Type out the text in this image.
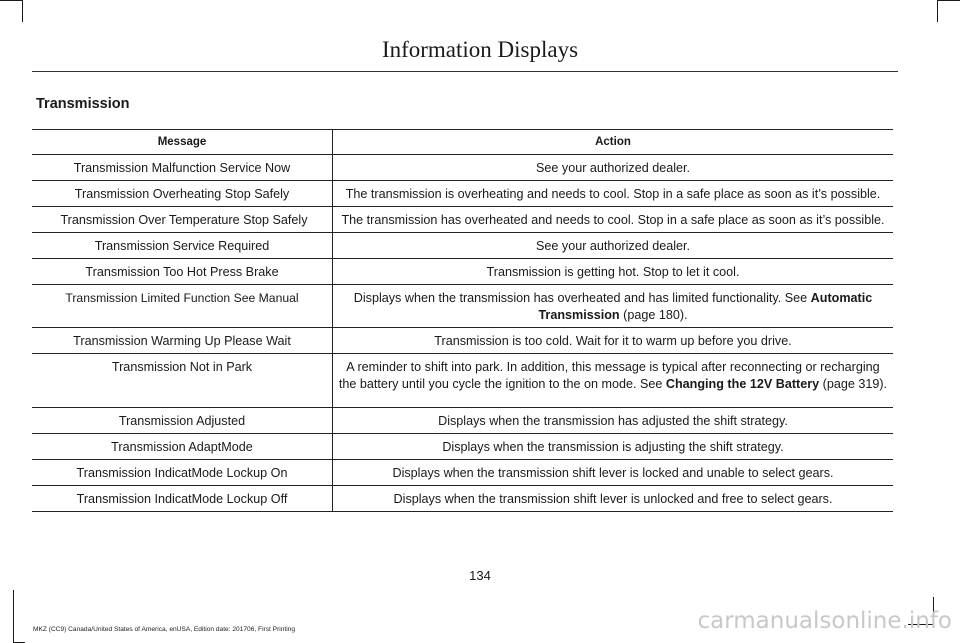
Information Displays
Transmission
Message	Action
Transmission Malfunction Service Now	See your authorized dealer.
Transmission Overheating Stop Safely	The transmission is overheating and needs to cool. Stop in a safe place as soon as it’s possible.
Transmission Over Temperature Stop Safely	The transmission has overheated and needs to cool. Stop in a safe place as soon as it’s possible.
Transmission Service Required	See your authorized dealer.
Transmission Too Hot Press Brake	Transmission is getting hot. Stop to let it cool.
Transmission Limited Function See Manual	Displays when the transmission has overheated and has limited functionality. See Automatic Transmission (page 180).
Transmission Warming Up Please Wait	Transmission is too cold. Wait for it to warm up before you drive.
Transmission Not in Park	A reminder to shift into park. In addition, this message is typical after reconnecting or recharging the battery until you cycle the ignition to the on mode. See Changing the 12V Battery (page 319).
Transmission Adjusted	Displays when the transmission has adjusted the shift strategy.
Transmission AdaptMode	Displays when the transmission is adjusting the shift strategy.
Transmission IndicatMode Lockup On	Displays when the transmission shift lever is locked and unable to select gears.
Transmission IndicatMode Lockup Off	Displays when the transmission shift lever is unlocked and free to select gears.
134
MKZ (CC9) Canada/United States of America, enUSA, Edition date: 201706, First Printing	carmanualsonline.info
